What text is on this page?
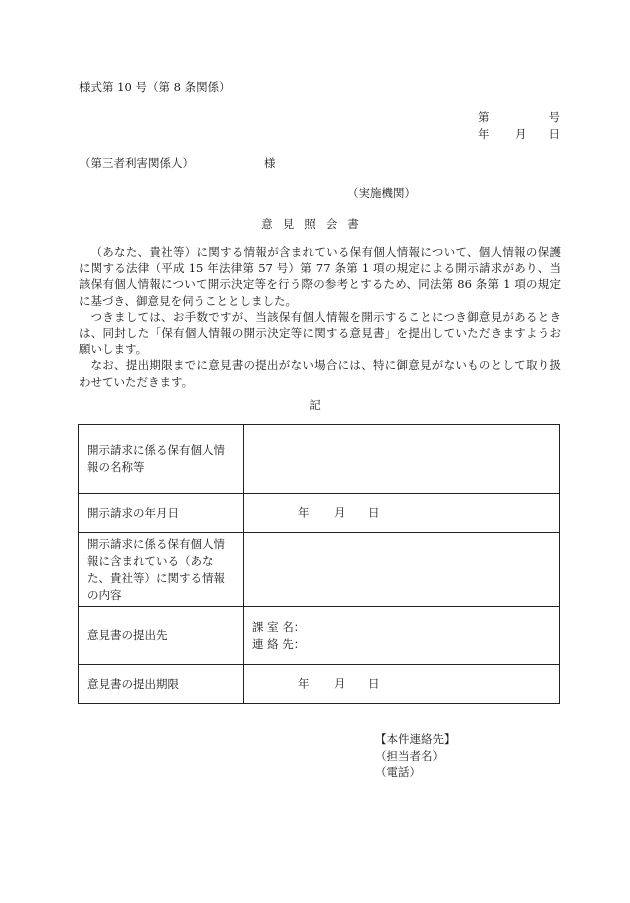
様式第 10 号（第 8 条関係）
第	号
年 月 日
（第三者利害関係人）	様
（実施機関）
意見照会書

（あなた、貴社等）に関する情報が含まれている保有個人情報について、個人情報の保護に関する法律（平成 15 年法律第 57 号）第 77 条第 1 項の規定による開示請求があり、当該保有個人情報について開示決定等を行う際の参考とするため、同法第 86 条第 1 項の規定に基づき、御意見を伺うこととしました。

つきましては、お手数ですが、当該保有個人情報を開示することにつき御意見があるときは、同封した「保有個人情報の開示決定等に関する意見書」を提出していただきますようお願いします。

なお、提出期限までに意見書の提出がない場合には、特に御意見がないものとして取り扱わせていただきます。

記
開示請求に係る保有個人情報の名称等	
開示請求の年月日	年 月 日

開示請求に係る保有個人情報に含まれている（あなた、貴社等）に関する情報の内容	
意見書の提出先	課 室 名：
連 絡 先：

意見書の提出期限	年 月 日
【本件連絡先】
（担当者名）
（電話）
